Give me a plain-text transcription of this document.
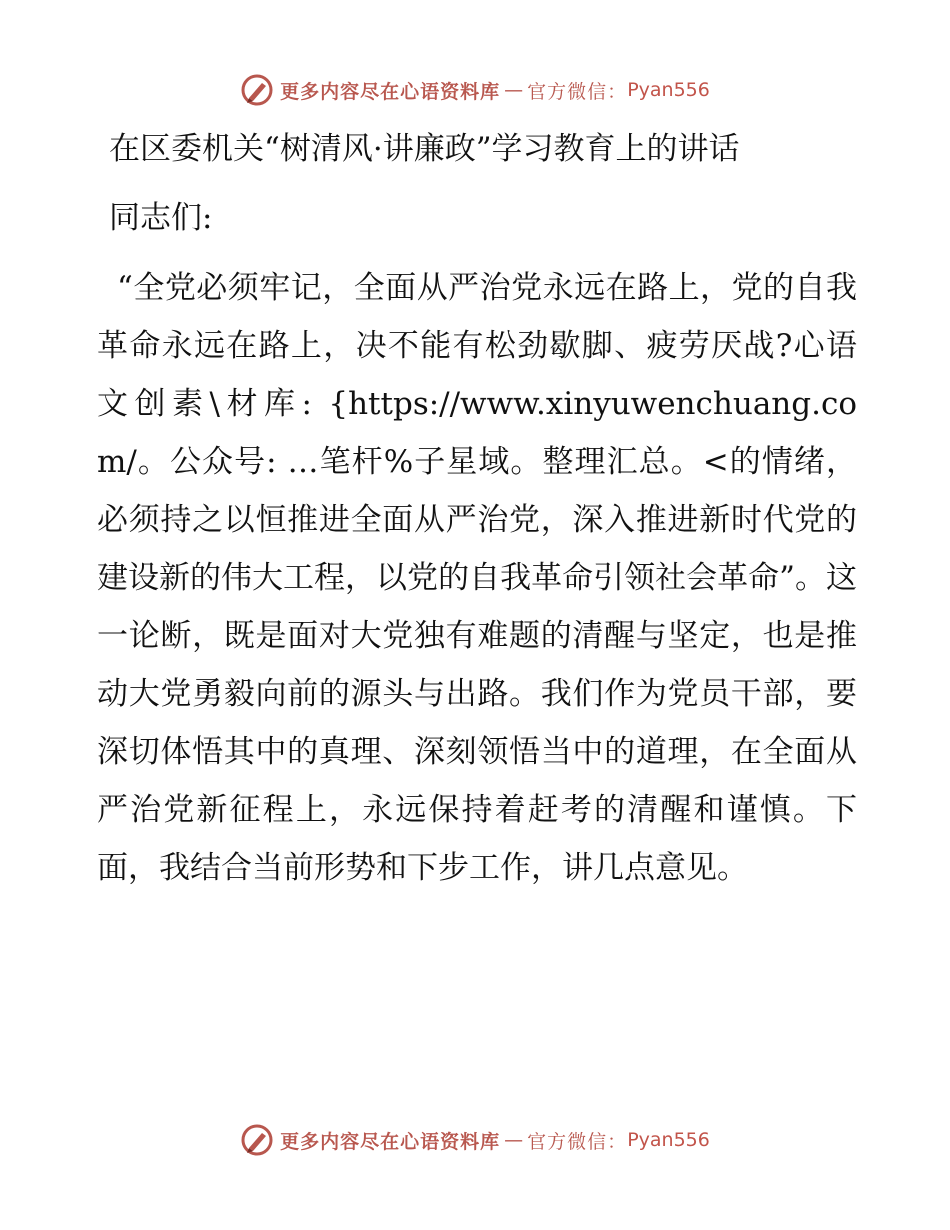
更多内容尽在心语资料库 — 官方微信： Pyan556
在区委机关“树清风·讲廉政”学习教育上的讲话

同志们:

“全党必须牢记，全面从严治党永远在路上，党的自我革命永远在路上，决不能有松劲歇脚、疲劳厌战?心语文创素\材库: {https://www.xinyuwenchuang.com/。公众号: …笔杆%子星域。整理汇总。<的情绪，必须持之以恒推进全面从严治党，深入推进新时代党的建设新的伟大工程，以党的自我革命引领社会革命”。这一论断，既是面对大党独有难题的清醒与坚定，也是推动大党勇毅向前的源头与出路。我们作为党员干部，要深切体悟其中的真理、深刻领悟当中的道理，在全面从严治党新征程上，永远保持着赶考的清醒和谨慎。下面，我结合当前形势和下步工作，讲几点意见。

更多内容尽在心语资料库 — 官方微信： Pyan556
